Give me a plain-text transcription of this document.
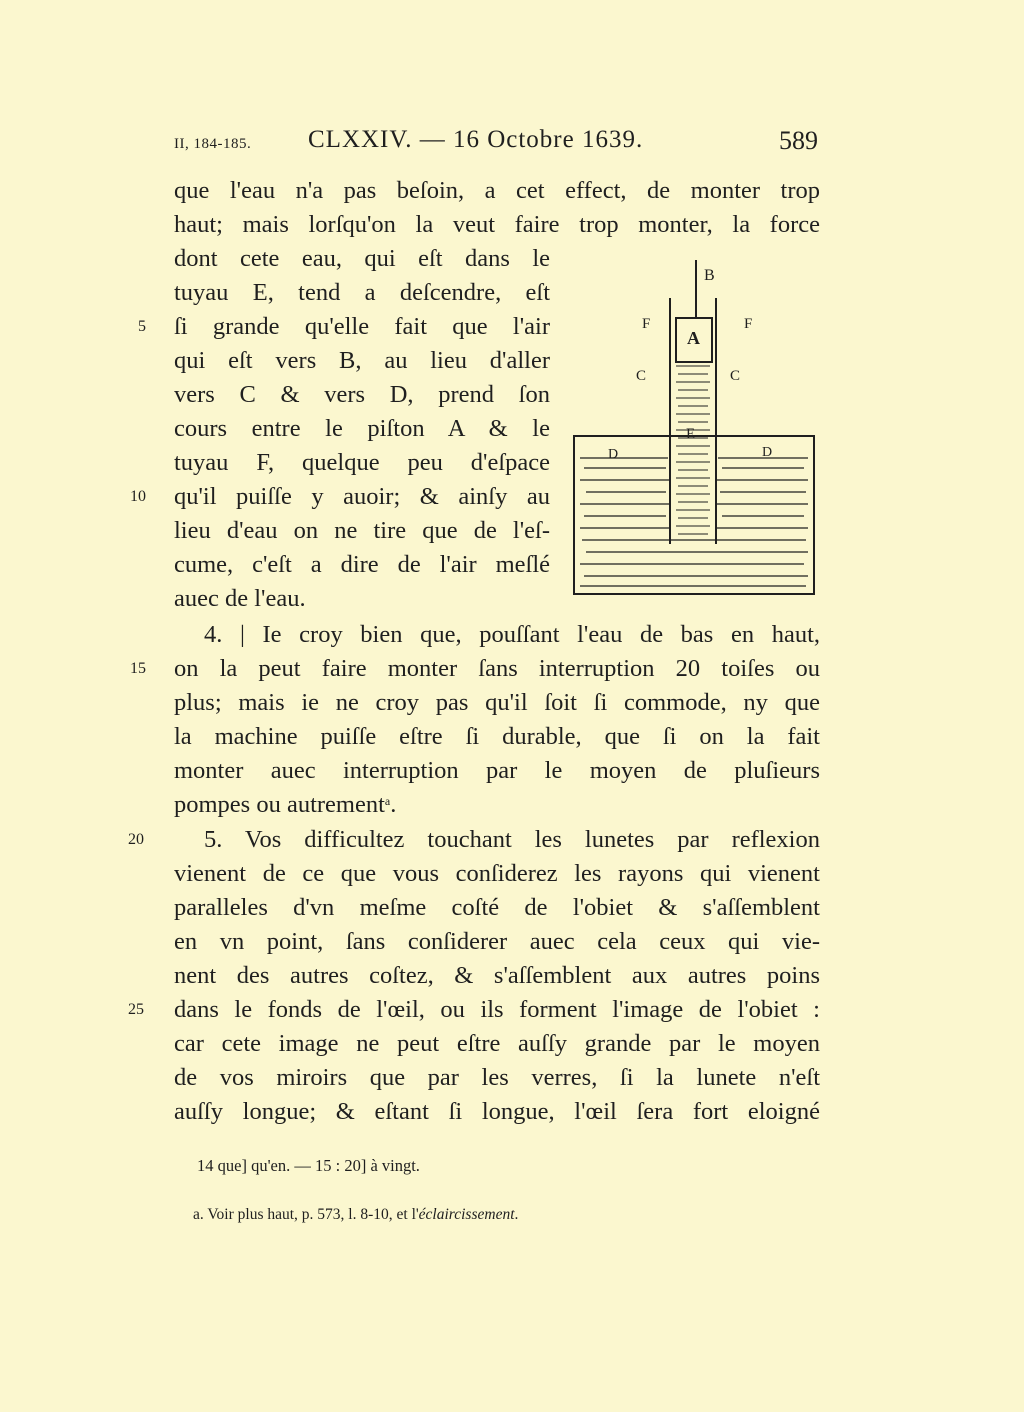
II, 184-185. CLXXIV. — 16 Octobre 1639.	589
que l'eau n'a pas beſoin, a cet effect, de monter trop
haut; mais lorſqu'on la veut faire trop monter, la force
dont cete eau, qui eſt dans le
tuyau E, tend a deſcendre, eſt
ſi grande qu'elle fait que l'air
qui eſt vers B, au lieu d'aller
vers C & vers D, prend ſon
cours entre le piſton A & le
tuyau F, quelque peu d'eſpace
qu'il puiſſe y auoir; & ainſy au
lieu d'eau on ne tire que de l'eſ-
cume, c'eſt a dire de l'air meſlé
auec de l'eau.
4. | Ie croy bien que, pouſſant l'eau de bas en haut,
on la peut faire monter ſans interruption 20 toiſes ou
plus; mais ie ne croy pas qu'il ſoit ſi commode, ny que
la machine puiſſe eſtre ſi durable, que ſi on la fait
monter auec interruption par le moyen de pluſieurs
pompes ou autrement$^a$.
5. Vos difficultez touchant les lunetes par reflexion
vienent de ce que vous conſiderez les rayons qui vienent
paralleles d'vn meſme coſté de l'obiet & s'aſſemblent
en vn point, ſans conſiderer auec cela ceux qui vie-
nent des autres coſtez, & s'aſſemblent aux autres poins
dans le fonds de l'œil, ou ils forment l'image de l'obiet :
car cete image ne peut eſtre auſſy grande par le moyen
de vos miroirs que par les verres, ſi la lunete n'eſt
auſſy longue; & eſtant ſi longue, l'œil ſera fort eloigné
5
10
15
20
25
B
A
F	F
C	C
E
D	D
14 que] qu'en. — 15 : 20] à vingt.
a. Voir plus haut, p. 573, l. 8-10, et l'éclaircissement.
